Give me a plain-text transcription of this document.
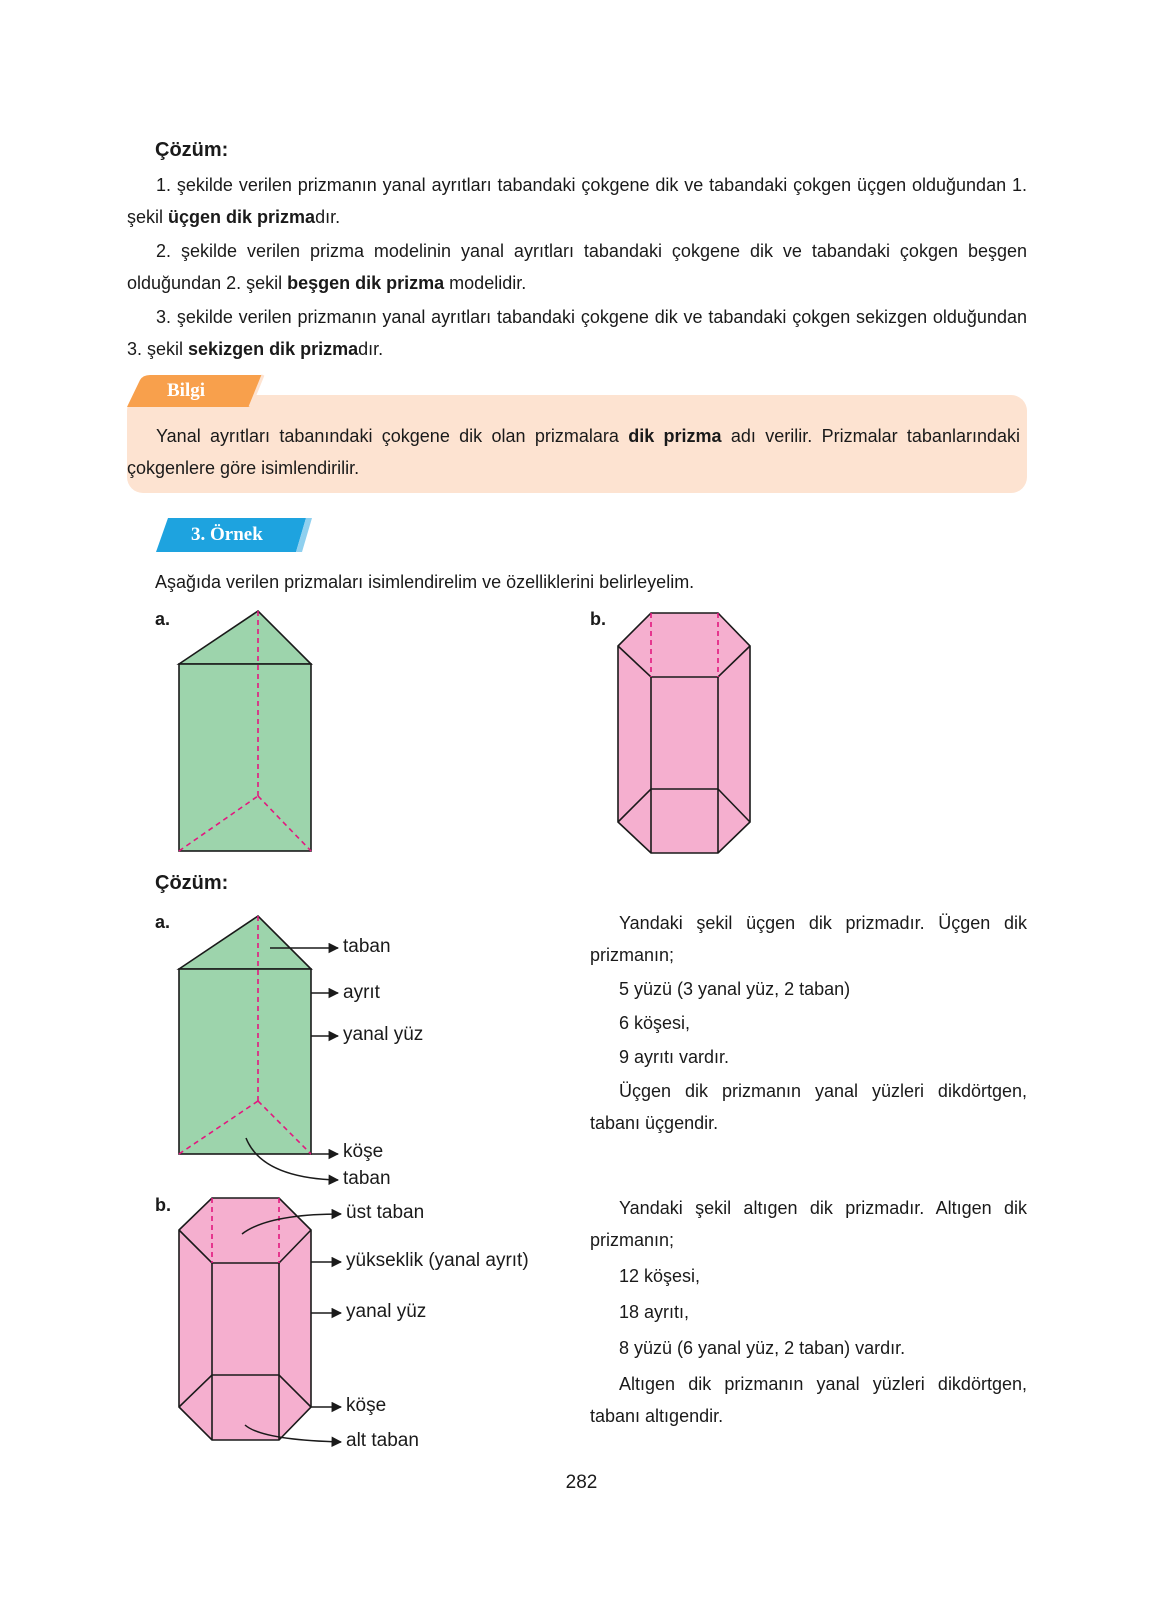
Çözüm:

1. şekilde verilen prizmanın yanal ayrıtları tabandaki çokgene dik ve tabandaki çokgen üçgen olduğundan 1. şekil üçgen dik prizmadır.

2. şekilde verilen prizma modelinin yanal ayrıtları tabandaki çokgene dik ve tabandaki çokgen beşgen olduğundan 2. şekil beşgen dik prizma modelidir.

3. şekilde verilen prizmanın yanal ayrıtları tabandaki çokgene dik ve tabandaki çokgen sekizgen olduğundan 3. şekil sekizgen dik prizmadır.

Bilgi

Yanal ayrıtları tabanındaki çokgene dik olan prizmalara dik prizma adı verilir. Prizmalar tabanlarındaki çokgenlere göre isimlendirilir.

3. Örnek
Aşağıda verilen prizmaları isimlendirelim ve özelliklerini belirleyelim.
a.	b.
Çözüm:
a.
b.
taban
ayrıt
yanal yüz
köşe
taban
üst taban
yükseklik (yanal ayrıt)
yanal yüz
köşe
alt taban

Yandaki şekil üçgen dik prizmadır. Üçgen dik prizmanın;

5 yüzü (3 yanal yüz, 2 taban)

6 köşesi,

9 ayrıtı vardır.

Üçgen dik prizmanın yanal yüzleri dikdörtgen, tabanı üçgendir.

Yandaki şekil altıgen dik prizmadır. Altıgen dik prizmanın;

12 köşesi,

18 ayrıtı,

8 yüzü (6 yanal yüz, 2 taban) vardır.

Altıgen dik prizmanın yanal yüzleri dikdörtgen, tabanı altıgendir.

282
